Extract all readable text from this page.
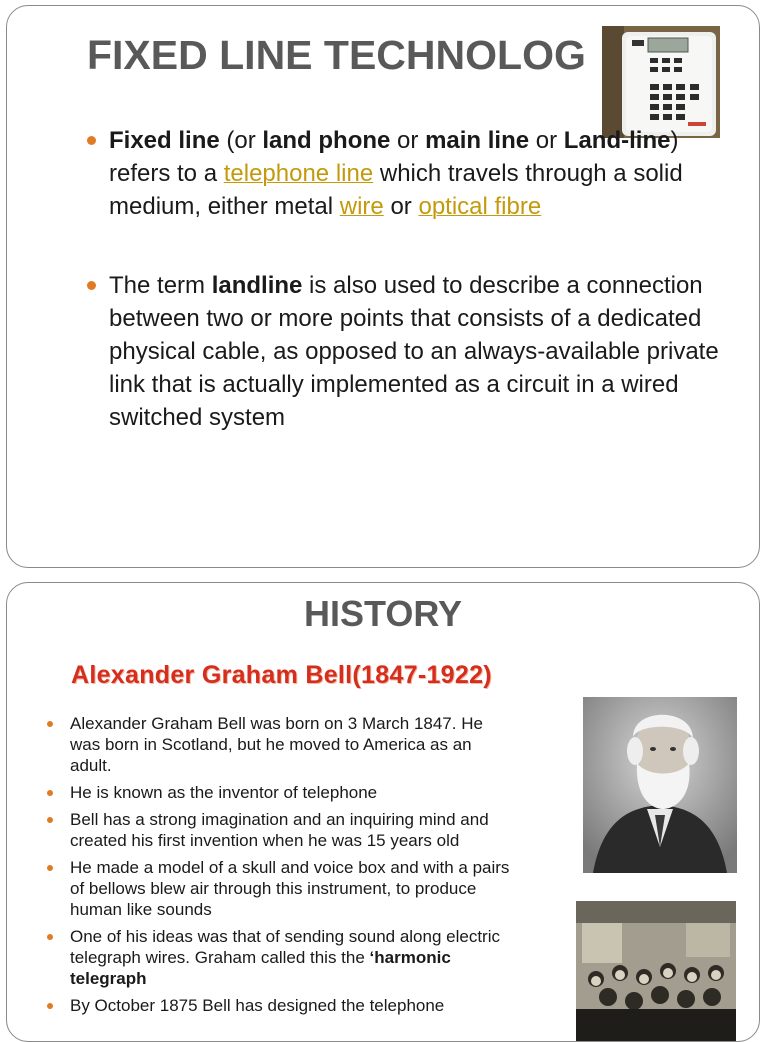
FIXED LINE TECHNOLOG
Fixed line (or land phone or main line or Land-line) refers to a telephone line which travels through a solid medium, either metal wire or optical fibre
The term landline is also used to describe a connection between two or more points that consists of a dedicated physical cable, as opposed to an always-available private link that is actually implemented as a circuit in a wired switched system
HISTORY
Alexander Graham Bell(1847-1922)
Alexander Graham Bell was born on 3 March 1847. He was born in Scotland, but he moved to America as an adult.
He is known as the inventor of telephone
Bell has a strong imagination and an inquiring mind and created his first invention when he was 15 years old
He made a model of a skull and voice box and with a pairs of bellows blew air through this instrument, to produce human like sounds
One of his ideas was that of sending sound along electric telegraph wires. Graham called this the ‘harmonic telegraph
By October 1875 Bell has designed the telephone
